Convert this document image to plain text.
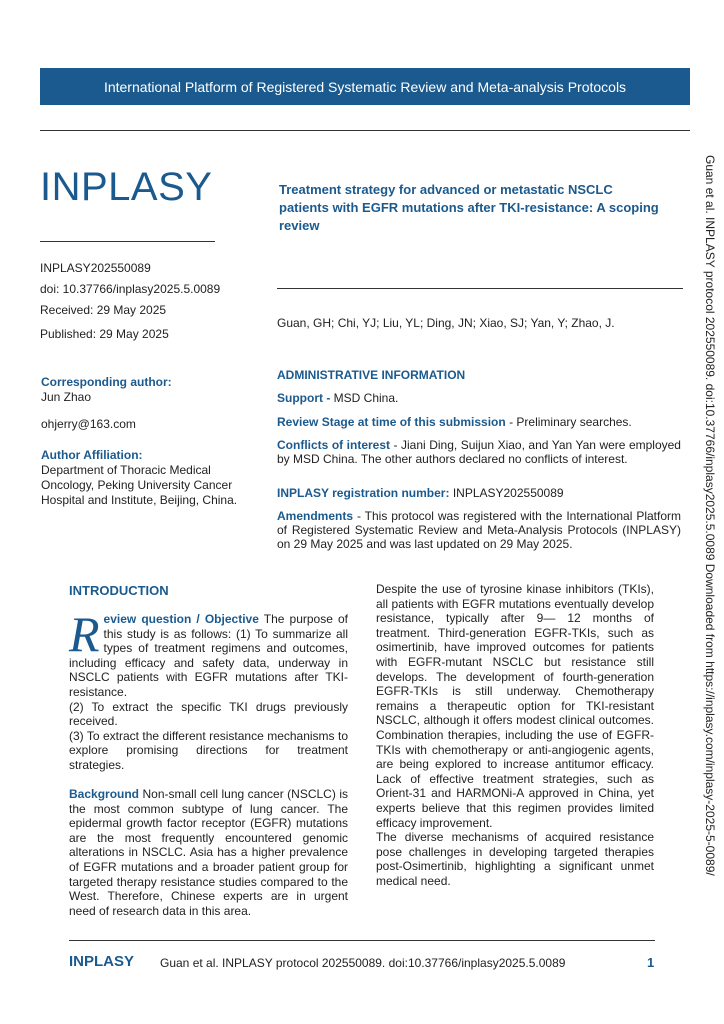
International Platform of Registered Systematic Review and Meta-analysis Protocols
INPLASY
INPLASY202550089
doi: 10.37766/inplasy2025.5.0089
Received: 29 May 2025
Published: 29 May 2025
Treatment strategy for advanced or metastatic NSCLC patients with EGFR mutations after TKI-resistance: A scoping review
Guan, GH; Chi, YJ; Liu, YL; Ding, JN; Xiao, SJ; Yan, Y; Zhao, J.
Corresponding author:
Jun Zhao
ohjerry@163.com
Author Affiliation:
Department of Thoracic Medical Oncology, Peking University Cancer Hospital and Institute, Beijing, China.
ADMINISTRATIVE INFORMATION
Support - MSD China.
Review Stage at time of this submission - Preliminary searches.
Conflicts of interest - Jiani Ding, Suijun Xiao, and Yan Yan were employed by MSD China. The other authors declared no conflicts of interest.
INPLASY registration number: INPLASY202550089
Amendments - This protocol was registered with the International Platform of Registered Systematic Review and Meta-Analysis Protocols (INPLASY) on 29 May 2025 and was last updated on 29 May 2025.	Guan et al. INPLASY protocol 202550089. doi:10.37766/inplasy2025.5.0089 Downloaded from https://inplasy.com/inplasy-2025-5-0089/
INTRODUCTION
Review question / Objective The purpose of this study is as follows: (1) To summarize all types of treatment regimens and outcomes, including efficacy and safety data, underway in NSCLC patients with EGFR mutations after TKI-resistance.
(2) To extract the specific TKI drugs previously received.
(3) To extract the different resistance mechanisms to explore promising directions for treatment strategies.
Background Non-small cell lung cancer (NSCLC) is the most common subtype of lung cancer. The epidermal growth factor receptor (EGFR) mutations are the most frequently encountered genomic alterations in NSCLC. Asia has a higher prevalence of EGFR mutations and a broader patient group for targeted therapy resistance studies compared to the West. Therefore, Chinese experts are in urgent need of research data in this area.
Despite the use of tyrosine kinase inhibitors (TKIs), all patients with EGFR mutations eventually develop resistance, typically after 9— 12 months of treatment. Third-generation EGFR-TKIs, such as osimertinib, have improved outcomes for patients with EGFR-mutant NSCLC but resistance still develops. The development of fourth-generation EGFR-TKIs is still underway. Chemotherapy remains a therapeutic option for TKI-resistant NSCLC, although it offers modest clinical outcomes. Combination therapies, including the use of EGFR-TKIs with chemotherapy or anti-angiogenic agents, are being explored to increase antitumor efficacy. Lack of effective treatment strategies, such as Orient-31 and HARMONi-A approved in China, yet experts believe that this regimen provides limited efficacy improvement.
The diverse mechanisms of acquired resistance pose challenges in developing targeted therapies post-Osimertinib, highlighting a significant unmet medical need.
INPLASY Guan et al. INPLASY protocol 202550089. doi:10.37766/inplasy2025.5.0089	1
